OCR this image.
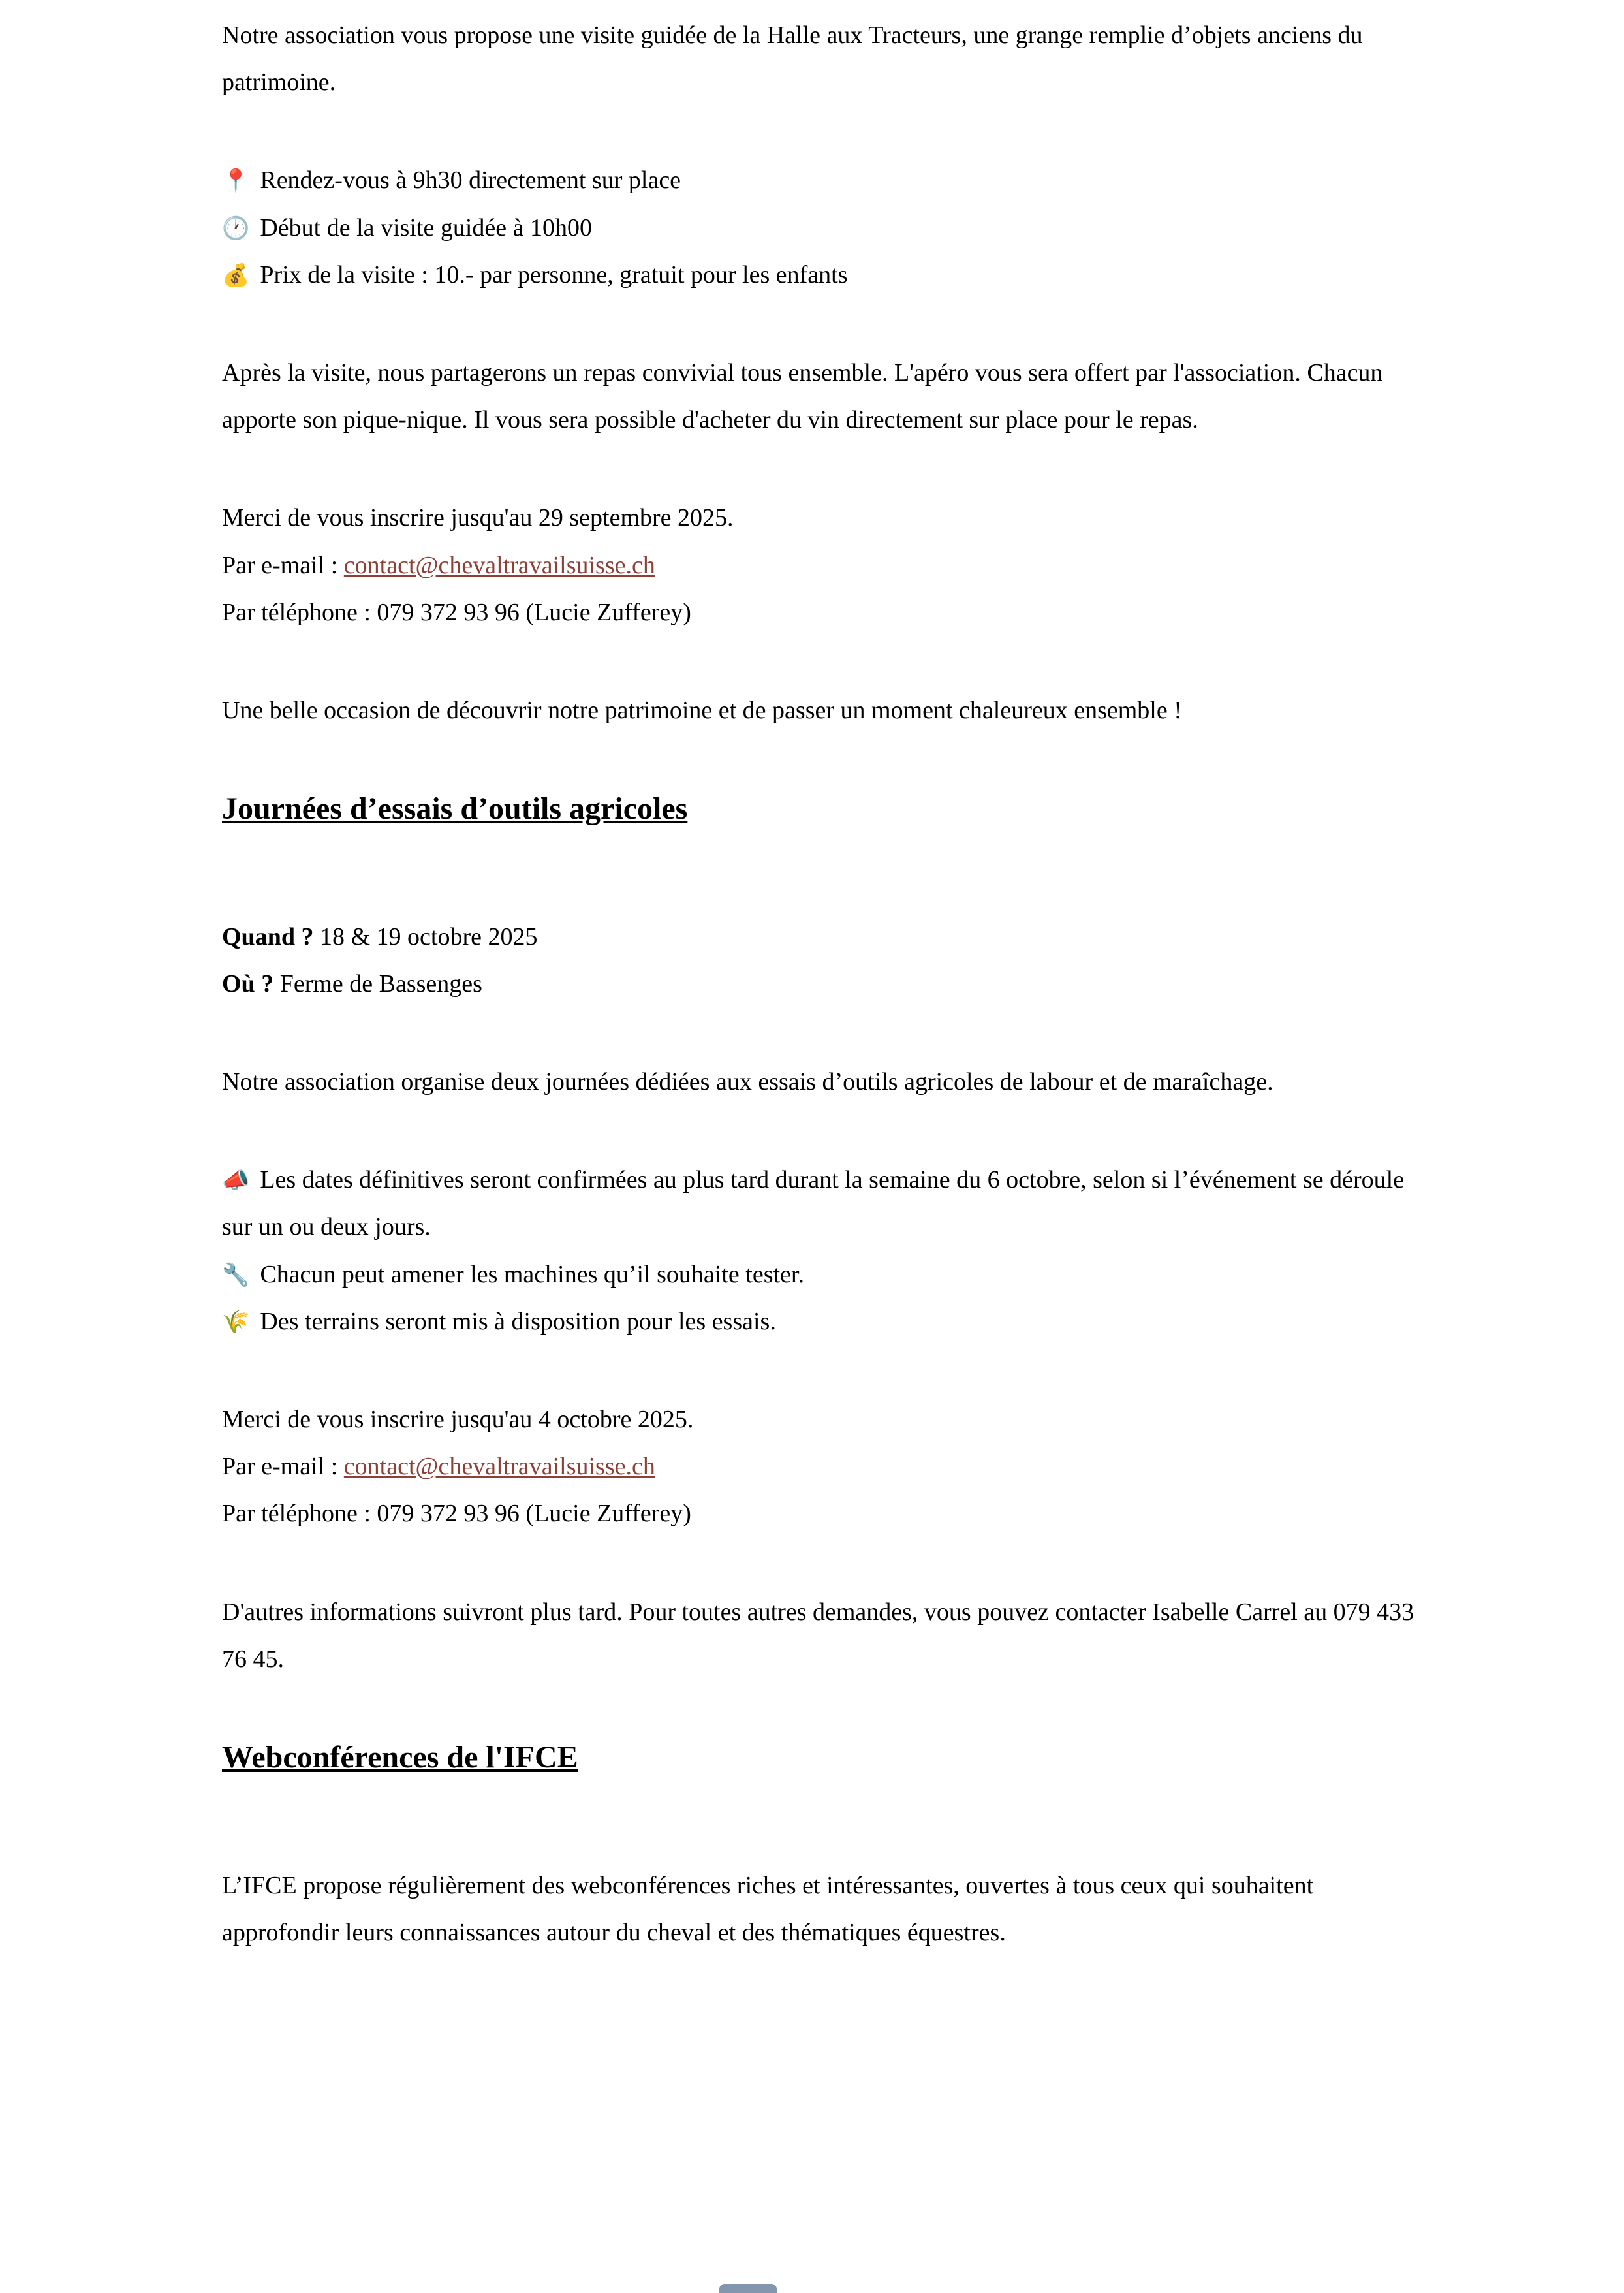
Notre association vous propose une visite guidée de la Halle aux Tracteurs, une grange remplie d’objets anciens du patrimoine.

📍 Rendez-vous à 9h30 directement sur place
🕐 Début de la visite guidée à 10h00
💰 Prix de la visite : 10.- par personne, gratuit pour les enfants

Après la visite, nous partagerons un repas convivial tous ensemble. L'apéro vous sera offert par l'association. Chacun apporte son pique-nique. Il vous sera possible d'acheter du vin directement sur place pour le repas.

Merci de vous inscrire jusqu'au 29 septembre 2025.
Par e-mail : contact@chevaltravailsuisse.ch
Par téléphone : 079 372 93 96 (Lucie Zufferey)

Une belle occasion de découvrir notre patrimoine et de passer un moment chaleureux ensemble !

Journées d’essais d’outils agricoles
Quand ? 18 & 19 octobre 2025
Où ? Ferme de Bassenges

Notre association organise deux journées dédiées aux essais d’outils agricoles de labour et de maraîchage.

📣 Les dates définitives seront confirmées au plus tard durant la semaine du 6 octobre, selon si l’événement se déroule sur un ou deux jours.
🔧 Chacun peut amener les machines qu’il souhaite tester.
🌾 Des terrains seront mis à disposition pour les essais.
Merci de vous inscrire jusqu'au 4 octobre 2025.
Par e-mail : contact@chevaltravailsuisse.ch
Par téléphone : 079 372 93 96 (Lucie Zufferey)

D'autres informations suivront plus tard. Pour toutes autres demandes, vous pouvez contacter Isabelle Carrel au 079 433 76 45.

Webconférences de l'IFCE

L’IFCE propose régulièrement des webconférences riches et intéressantes, ouvertes à tous ceux qui souhaitent approfondir leurs connaissances autour du cheval et des thématiques équestres.
